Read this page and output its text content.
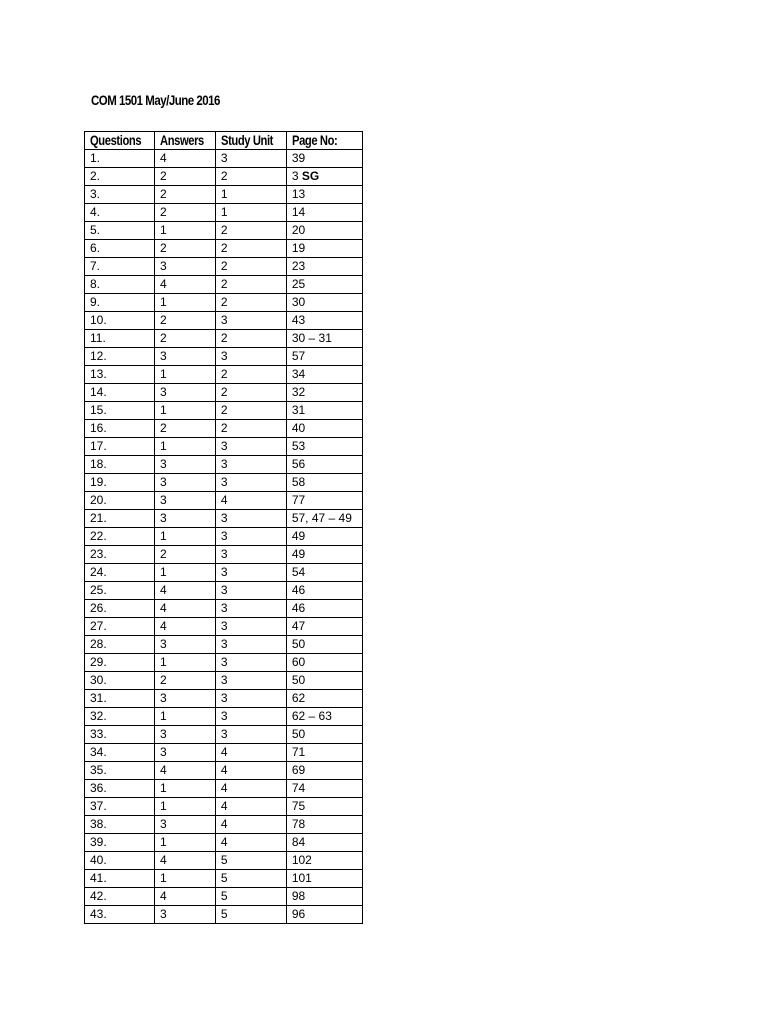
COM 1501 May/June 2016
Questions	Answers	Study Unit	Page No:
1.	4	3	39
2.	2	2	3 SG
3.	2	1	13
4.	2	1	14
5.	1	2	20
6.	2	2	19
7.	3	2	23
8.	4	2	25
9.	1	2	30
10.	2	3	43
11.	2	2	30 – 31
12.	3	3	57
13.	1	2	34
14.	3	2	32
15.	1	2	31
16.	2	2	40
17.	1	3	53
18.	3	3	56
19.	3	3	58
20.	3	4	77
21.	3	3	57, 47 – 49
22.	1	3	49
23.	2	3	49
24.	1	3	54
25.	4	3	46
26.	4	3	46
27.	4	3	47
28.	3	3	50
29.	1	3	60
30.	2	3	50
31.	3	3	62
32.	1	3	62 – 63
33.	3	3	50
34.	3	4	71
35.	4	4	69
36.	1	4	74
37.	1	4	75
38.	3	4	78
39.	1	4	84
40.	4	5	102
41.	1	5	101
42.	4	5	98
43.	3	5	96
